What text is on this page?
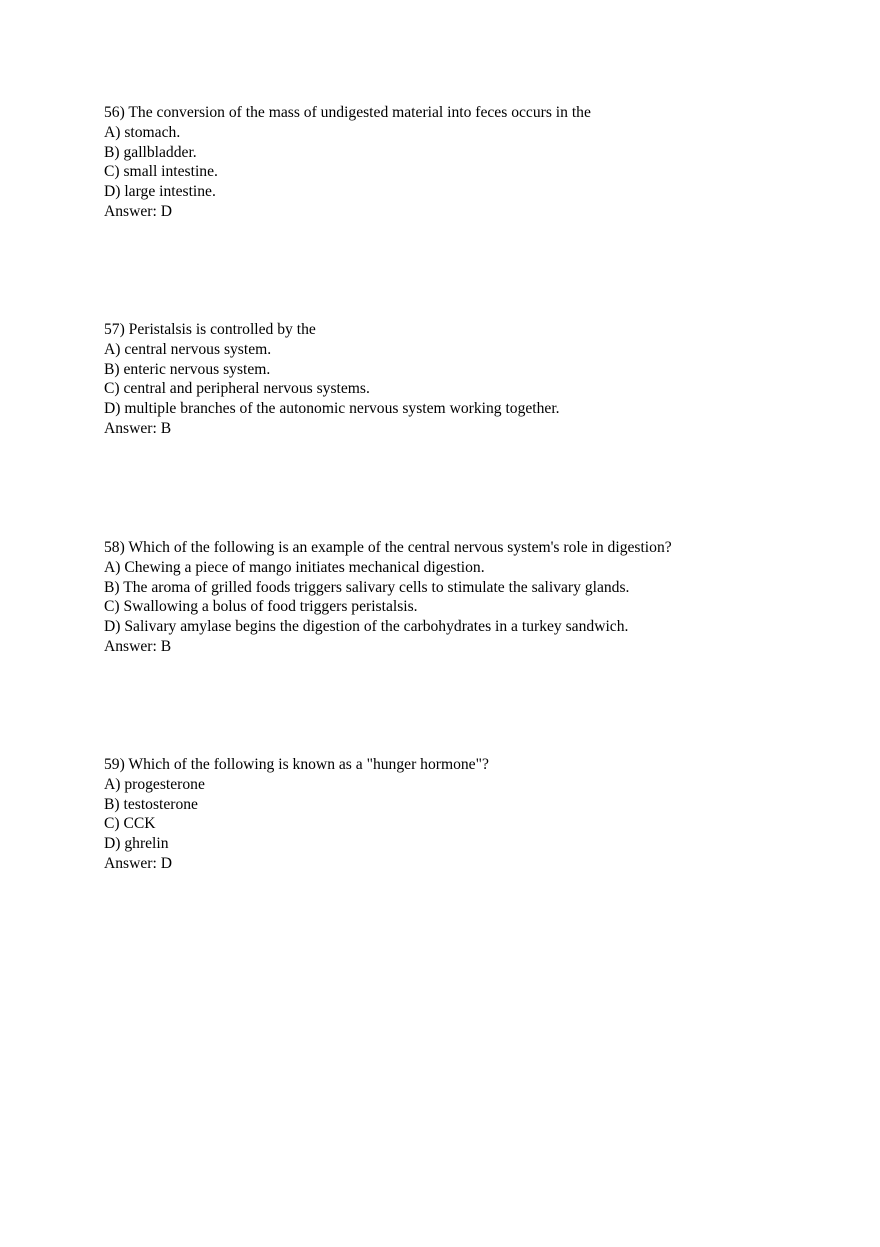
56) The conversion of the mass of undigested material into feces occurs in the
A) stomach.
B) gallbladder.
C) small intestine.
D) large intestine.
Answer: D
57) Peristalsis is controlled by the
A) central nervous system.
B) enteric nervous system.
C) central and peripheral nervous systems.
D) multiple branches of the autonomic nervous system working together.
Answer: B
58) Which of the following is an example of the central nervous system's role in digestion?
A) Chewing a piece of mango initiates mechanical digestion.
B) The aroma of grilled foods triggers salivary cells to stimulate the salivary glands.
C) Swallowing a bolus of food triggers peristalsis.
D) Salivary amylase begins the digestion of the carbohydrates in a turkey sandwich.
Answer: B
59) Which of the following is known as a "hunger hormone"?
A) progesterone
B) testosterone
C) CCK
D) ghrelin
Answer: D
